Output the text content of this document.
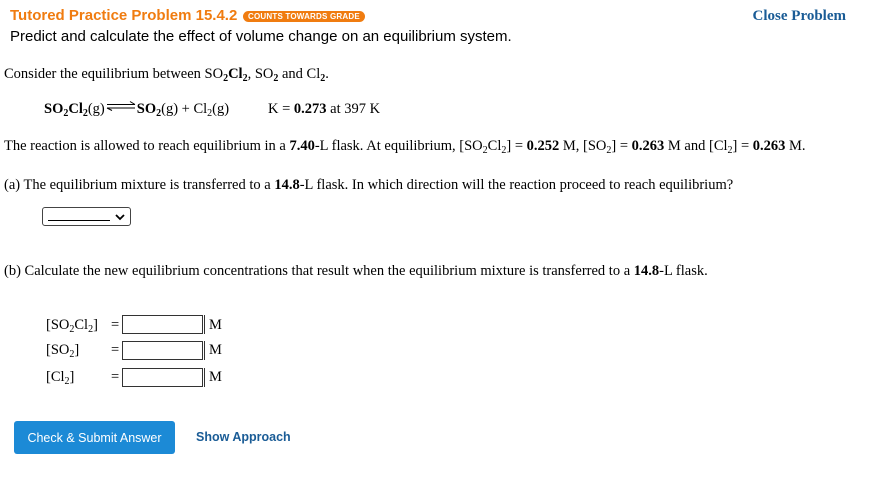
Tutored Practice Problem 15.4.2	COUNTS TOWARDS GRADE	Close Problem
Predict and calculate the effect of volume change on an equilibrium system.
Consider the equilibrium between $SO_2Cl_2$, $SO_2$ and $Cl_2$.
$SO_2Cl_2(g)\rightleftharpoons SO_2(g) + Cl_2(g)$	K = 0.273 at 397 K
The reaction is allowed to reach equilibrium in a 7.40-L flask. At equilibrium, $[SO_2Cl_2] = 0.252$ M, $[SO_2] = 0.263$ M and $[Cl_2] = 0.263$ M.
(a) The equilibrium mixture is transferred to a 14.8-L flask. In which direction will the reaction proceed to reach equilibrium?
(b) Calculate the new equilibrium concentrations that result when the equilibrium mixture is transferred to a 14.8-L flask.
$[SO_2Cl_2]$ =	M
$[SO_2]$ =	M
$[Cl_2]$	=	M
Check & Submit Answer	Show Approach
